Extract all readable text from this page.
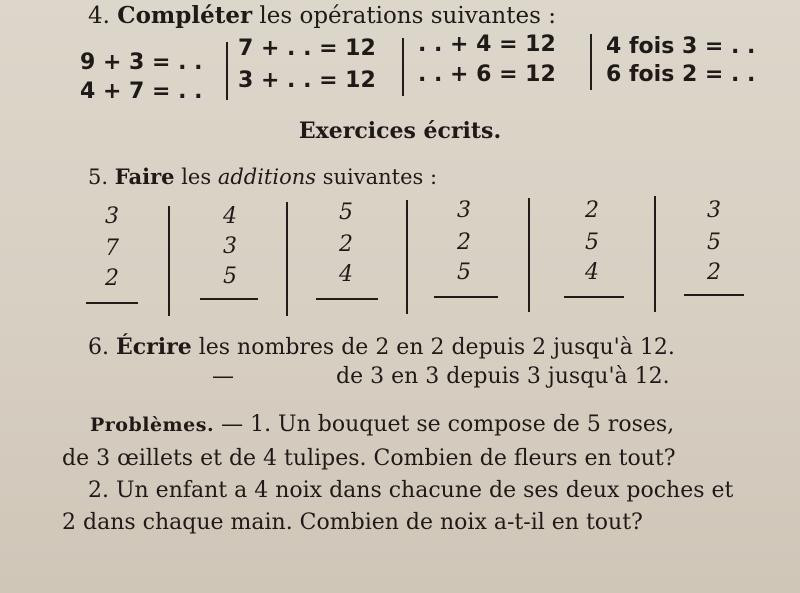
4. Compléter les opérations suivantes :
9 + 3 = . .
4 + 7 = . .
7 + . . = 12
3 + . . = 12
. . + 4 = 12
. . + 6 = 12
4 fois 3 = . .
6 fois 2 = . .
Exercices écrits.
5. Faire les additions suivantes :
3
7
2
4
3
5
5
2
4
3
2
5
2
5
4
3
5
2
6. Écrire les nombres de 2 en 2 depuis 2 jusqu'à 12.
—	de 3 en 3 depuis 3 jusqu'à 12.
Problèmes. — 1. Un bouquet se compose de 5 roses,
de 3 œillets et de 4 tulipes. Combien de fleurs en tout?
2. Un enfant a 4 noix dans chacune de ses deux poches et
2 dans chaque main. Combien de noix a-t-il en tout?
